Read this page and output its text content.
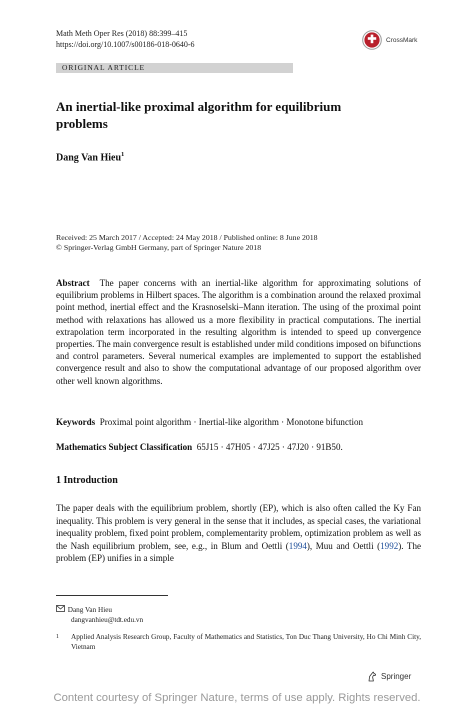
Math Meth Oper Res (2018) 88:399–415
https://doi.org/10.1007/s00186-018-0640-6	CrossMark
ORIGINAL ARTICLE
An inertial-like proximal algorithm for equilibrium
problems
Dang Van Hieu$^1$
Received: 25 March 2017 / Accepted: 24 May 2018 / Published online: 8 June 2018
© Springer-Verlag GmbH Germany, part of Springer Nature 2018
Abstract The paper concerns with an inertial-like algorithm for approximating solutions of equilibrium problems in Hilbert spaces. The algorithm is a combination around the relaxed proximal point method, inertial effect and the Krasnoselski–Mann iteration. The using of the proximal point method with relaxations has allowed us a more flexibility in practical computations. The inertial extrapolation term incorporated in the resulting algorithm is intended to speed up convergence properties. The main convergence result is established under mild conditions imposed on bifunctions and control parameters. Several numerical examples are implemented to support the established convergence result and also to show the computational advantage of our proposed algorithm over other well known algorithms.
Keywords Proximal point algorithm · Inertial-like algorithm · Monotone bifunction
Mathematics Subject Classification 65J15 · 47H05 · 47J25 · 47J20 · 91B50.
1 Introduction
The paper deals with the equilibrium problem, shortly (EP), which is also often called the Ky Fan inequality. This problem is very general in the sense that it includes, as special cases, the variational inequality problem, fixed point problem, complementarity problem, optimization problem as well as the Nash equilibrium problem, see, e.g., in Blum and Oettli (1994), Muu and Oettli (1992). The problem (EP) unifies in a simple
Dang Van Hieu
dangvanhieu@tdt.edu.vn
1	Applied Analysis Research Group, Faculty of Mathematics and Statistics, Ton Duc Thang University, Ho Chi Minh City, Vietnam
Springer
Content courtesy of Springer Nature, terms of use apply. Rights reserved.
